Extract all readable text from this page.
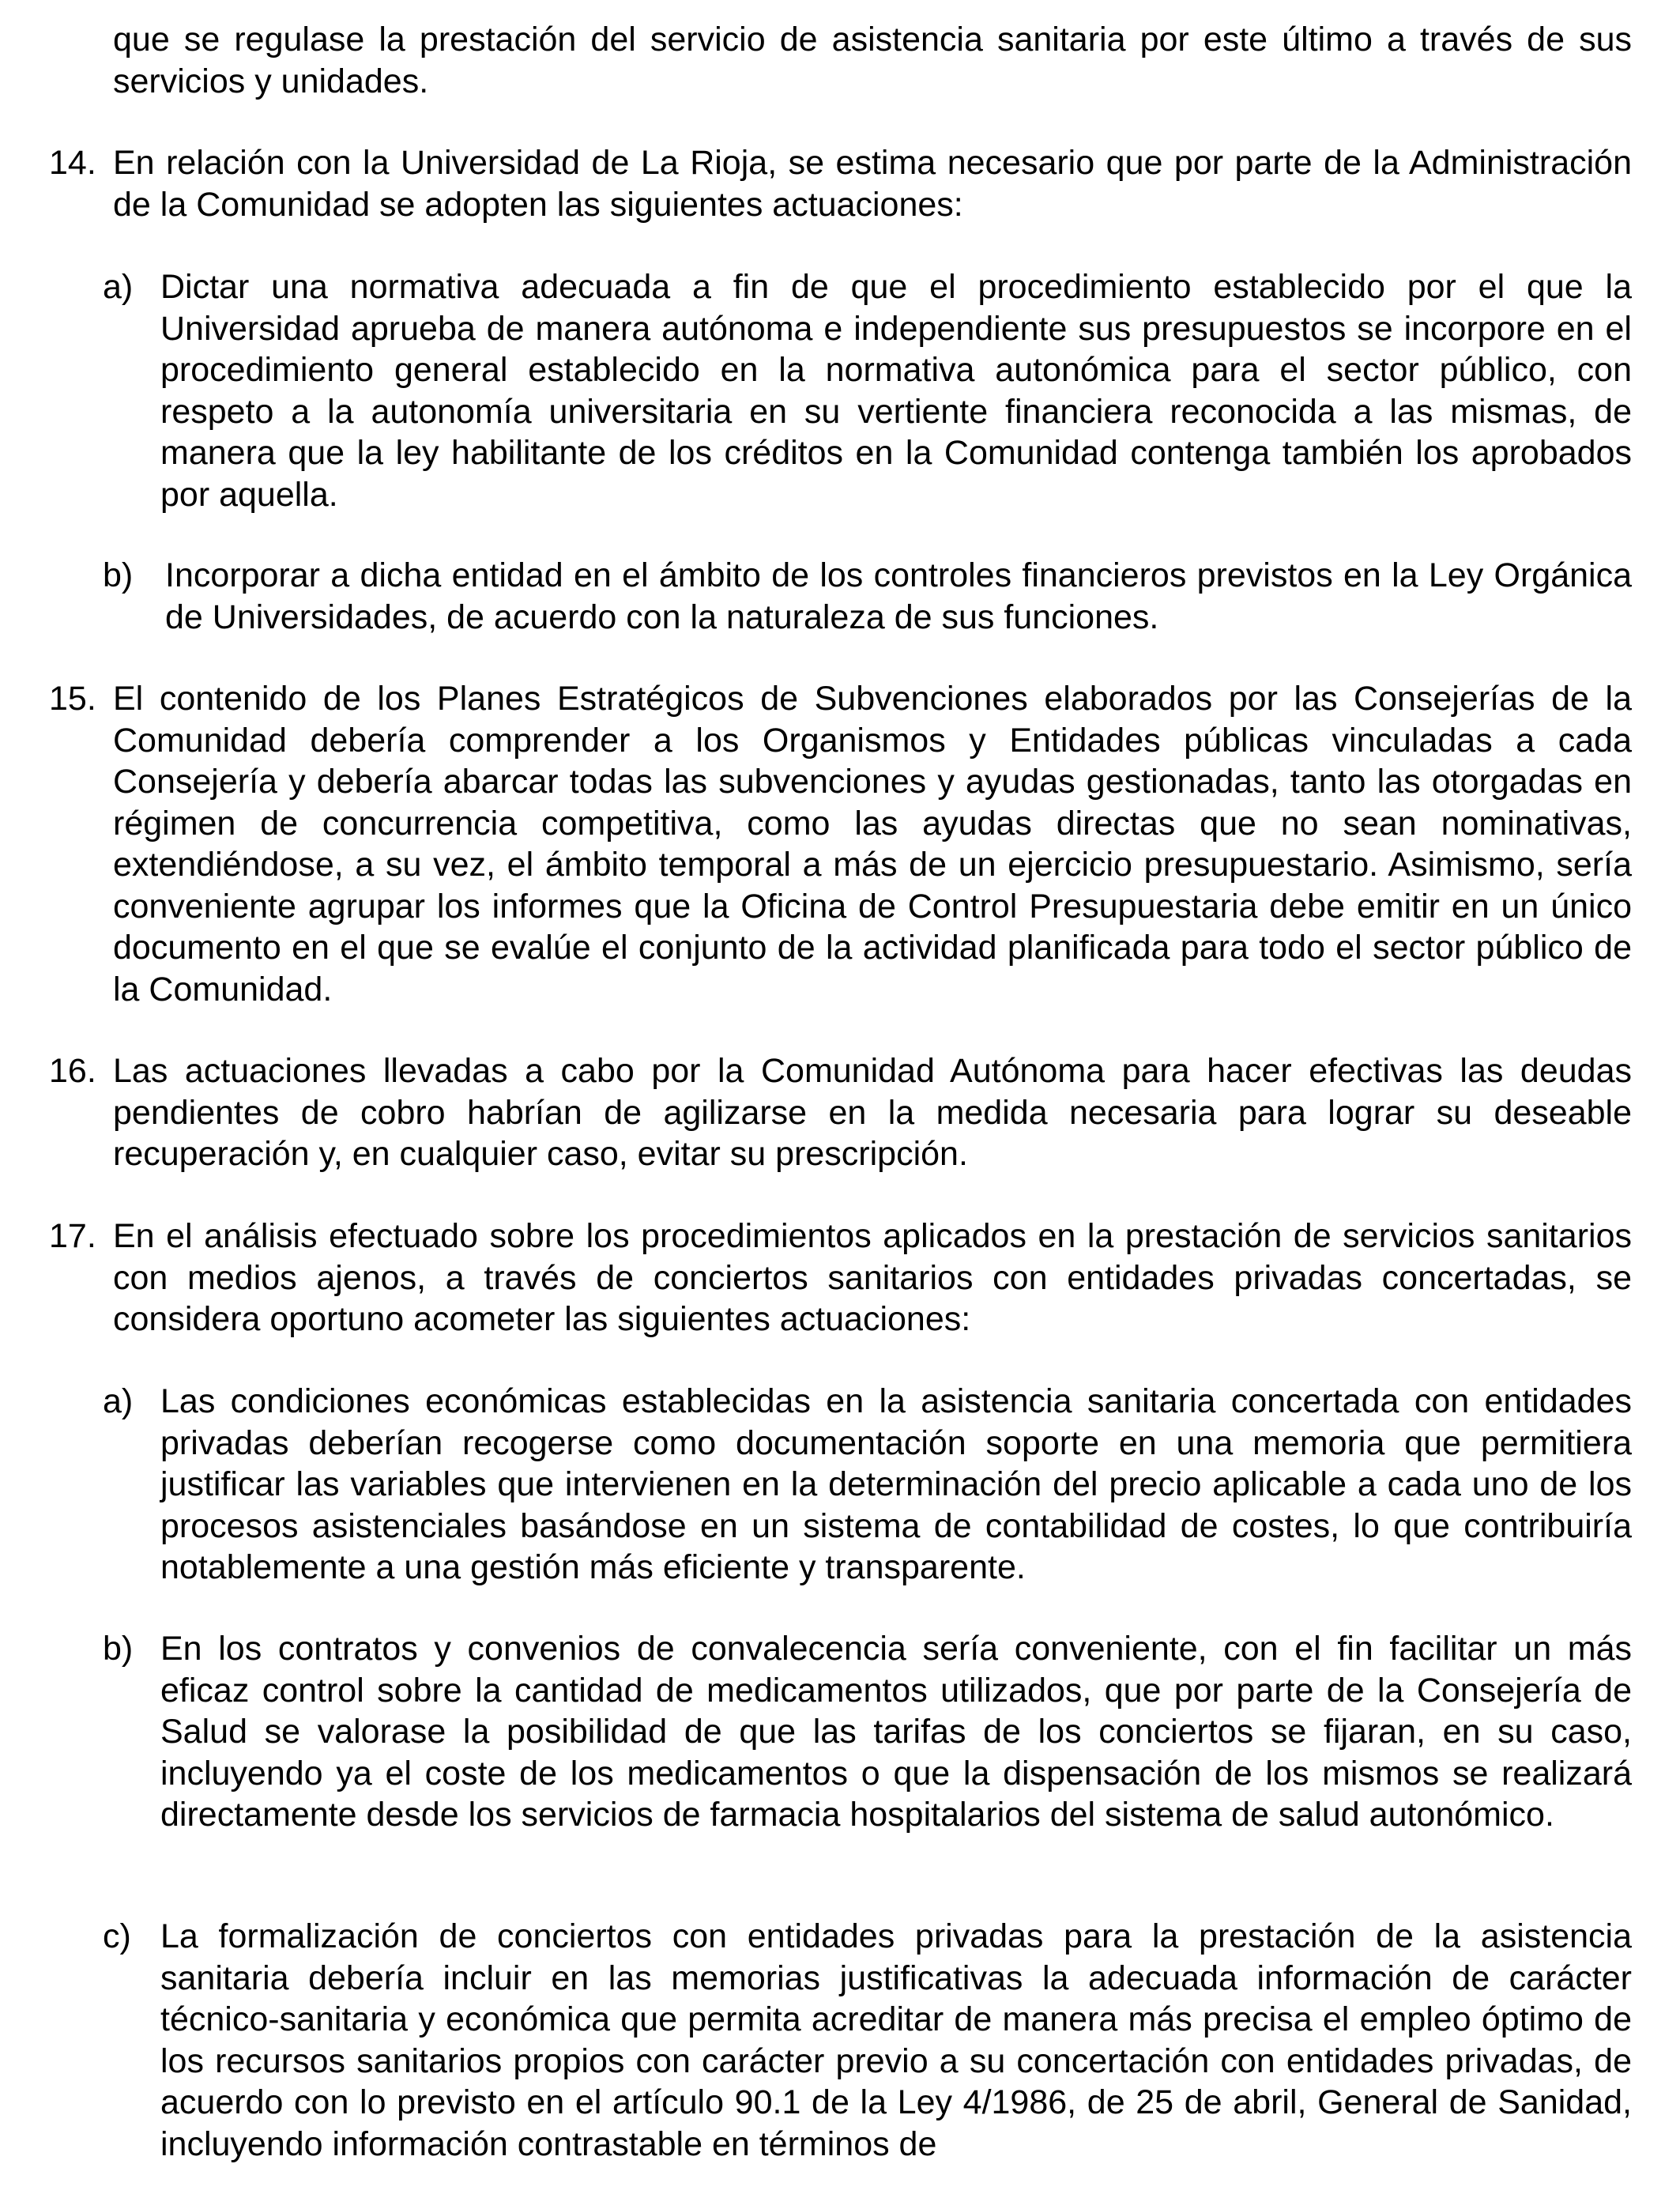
que se regulase la prestación del servicio de asistencia sanitaria por este último a través de sus servicios y unidades.

14. En relación con la Universidad de La Rioja, se estima necesario que por parte de la Administración de la Comunidad se adopten las siguientes actuaciones:

a) Dictar una normativa adecuada a fin de que el procedimiento establecido por el que la Universidad aprueba de manera autónoma e independiente sus presupuestos se incorpore en el procedimiento general establecido en la normativa autonómica para el sector público, con respeto a la autonomía universitaria en su vertiente financiera reconocida a las mismas, de manera que la ley habilitante de los créditos en la Comunidad contenga también los aprobados por aquella.

b) Incorporar a dicha entidad en el ámbito de los controles financieros previstos en la Ley Orgánica de Universidades, de acuerdo con la naturaleza de sus funciones.

15. El contenido de los Planes Estratégicos de Subvenciones elaborados por las Consejerías de la Comunidad debería comprender a los Organismos y Entidades públicas vinculadas a cada Consejería y debería abarcar todas las subvenciones y ayudas gestionadas, tanto las otorgadas en régimen de concurrencia competitiva, como las ayudas directas que no sean nominativas, extendiéndose, a su vez, el ámbito temporal a más de un ejercicio presupuestario. Asimismo, sería conveniente agrupar los informes que la Oficina de Control Presupuestaria debe emitir en un único documento en el que se evalúe el conjunto de la actividad planificada para todo el sector público de la Comunidad.

16. Las actuaciones llevadas a cabo por la Comunidad Autónoma para hacer efectivas las deudas pendientes de cobro habrían de agilizarse en la medida necesaria para lograr su deseable recuperación y, en cualquier caso, evitar su prescripción.

17. En el análisis efectuado sobre los procedimientos aplicados en la prestación de servicios sanitarios con medios ajenos, a través de conciertos sanitarios con entidades privadas concertadas, se considera oportuno acometer las siguientes actuaciones:

a) Las condiciones económicas establecidas en la asistencia sanitaria concertada con entidades privadas deberían recogerse como documentación soporte en una memoria que permitiera justificar las variables que intervienen en la determinación del precio aplicable a cada uno de los procesos asistenciales basándose en un sistema de contabilidad de costes, lo que contribuiría notablemente a una gestión más eficiente y transparente.

b) En los contratos y convenios de convalecencia sería conveniente, con el fin facilitar un más eficaz control sobre la cantidad de medicamentos utilizados, que por parte de la Consejería de Salud se valorase la posibilidad de que las tarifas de los conciertos se fijaran, en su caso, incluyendo ya el coste de los medicamentos o que la dispensación de los mismos se realizará directamente desde los servicios de farmacia hospitalarios del sistema de salud autonómico.

c) La formalización de conciertos con entidades privadas para la prestación de la asistencia sanitaria debería incluir en las memorias justificativas la adecuada información de carácter técnico-sanitaria y económica que permita acreditar de manera más precisa el empleo óptimo de los recursos sanitarios propios con carácter previo a su concertación con entidades privadas, de acuerdo con lo previsto en el artículo 90.1 de la Ley 4/1986, de 25 de abril, General de Sanidad, incluyendo información contrastable en términos de
